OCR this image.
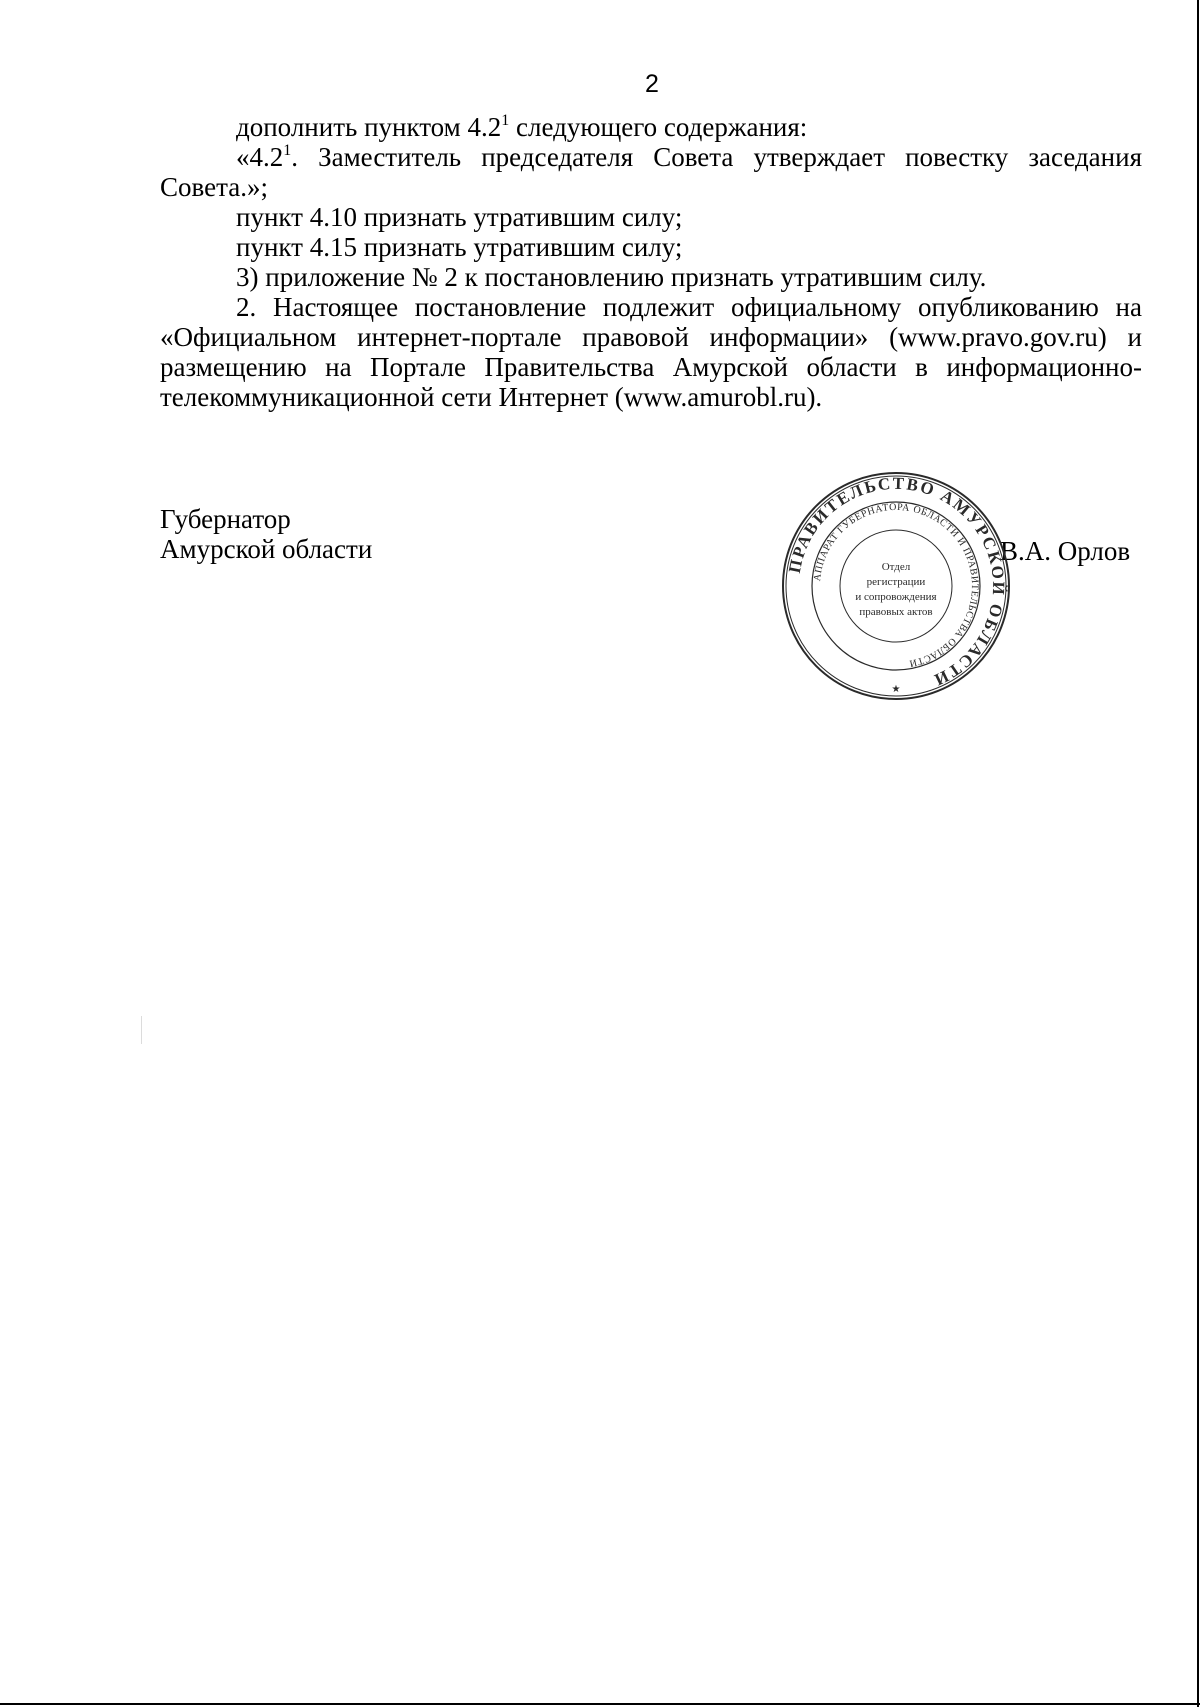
2

дополнить пунктом $4.2^1$ следующего содержания:

«$4.2^1$. Заместитель председателя Совета утверждает повестку заседания Совета.»;

пункт 4.10 признать утратившим силу;

пункт 4.15 признать утратившим силу;

3) приложение № 2 к постановлению признать утратившим силу.

2. Настоящее постановление подлежит официальному опубликованию на «Официальном интернет-портале правовой информации» (www.pravo.gov.ru) и размещению на Портале Правительства Амурской области в информационно-телекоммуникационной сети Интернет (www.amurobl.ru).

Губернатор
Амурской области	В.А. Орлов
ПРАВИТЕЛЬСТВО АМУРСКОЙ ОБЛАСТИ
АППАРАТ ГУБЕРНАТОРА ОБЛАСТИ И ПРАВИТЕЛЬСТВА ОБЛАСТИ
Отдел
регистрации
и сопровождения
правовых актов
★
